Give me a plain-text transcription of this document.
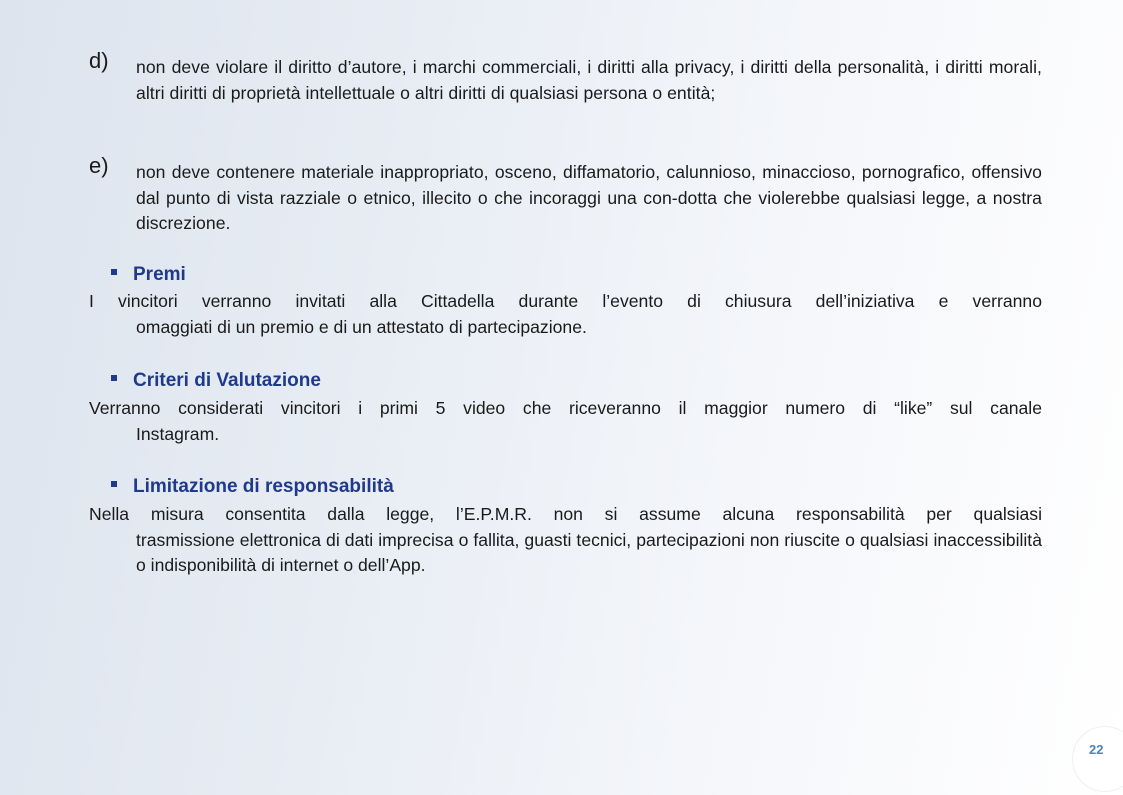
d) non deve violare il diritto d’autore, i marchi commerciali, i diritti alla privacy, i diritti della personalità, i diritti morali, altri diritti di proprietà intellettuale o altri diritti di qualsiasi persona o entità;
e) non deve contenere materiale inappropriato, osceno, diffamatorio, calunnioso, minaccioso, pornografico, offensivo dal punto di vista razziale o etnico, illecito o che incoraggi una con-dotta che violerebbe qualsiasi legge, a nostra discrezione.
Premi
I vincitori verranno invitati alla Cittadella durante l’evento di chiusura dell’iniziativa e verranno
omaggiati di un premio e di un attestato di partecipazione.
Criteri di Valutazione
Verranno considerati vincitori i primi 5 video che riceveranno il maggior numero di “like” sul canale
Instagram.
Limitazione di responsabilità
Nella misura consentita dalla legge, l’E.P.M.R. non si assume alcuna responsabilità per qualsiasi
trasmissione elettronica di dati imprecisa o fallita, guasti tecnici, partecipazioni non riuscite o qualsiasi inaccessibilità o indisponibilità di internet o dell’App.
22
